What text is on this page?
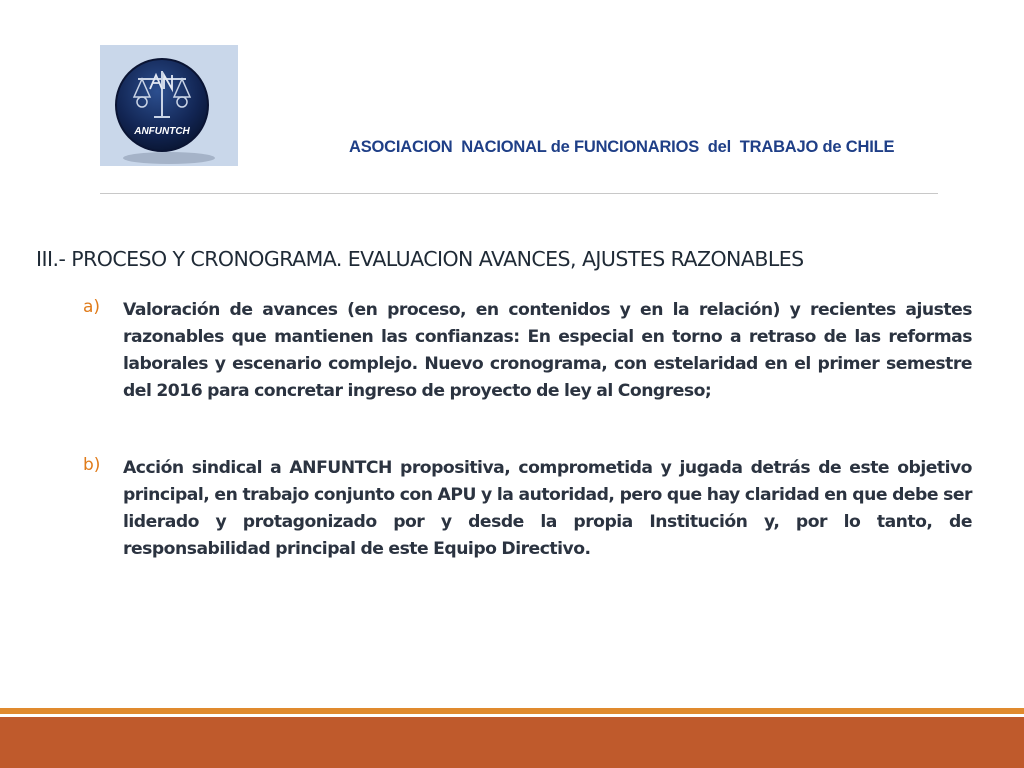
ANFUNTCH
ASOCIACION  NACIONAL de FUNCIONARIOS  del  TRABAJO de CHILE
III.- PROCESO Y CRONOGRAMA. EVALUACION AVANCES, AJUSTES RAZONABLES
a) Valoración de avances (en proceso, en contenidos y en la relación) y recientes ajustes razonables que mantienen las confianzas: En especial en torno a retraso de las reformas laborales y escenario complejo. Nuevo cronograma, con estelaridad en el primer semestre del 2016 para concretar ingreso de proyecto de ley al Congreso;
b) Acción sindical a ANFUNTCH propositiva, comprometida y jugada detrás de este objetivo principal, en trabajo conjunto con APU y la autoridad, pero que hay claridad en que debe ser liderado y protagonizado por y desde la propia Institución y, por lo tanto, de responsabilidad principal de este Equipo Directivo.
